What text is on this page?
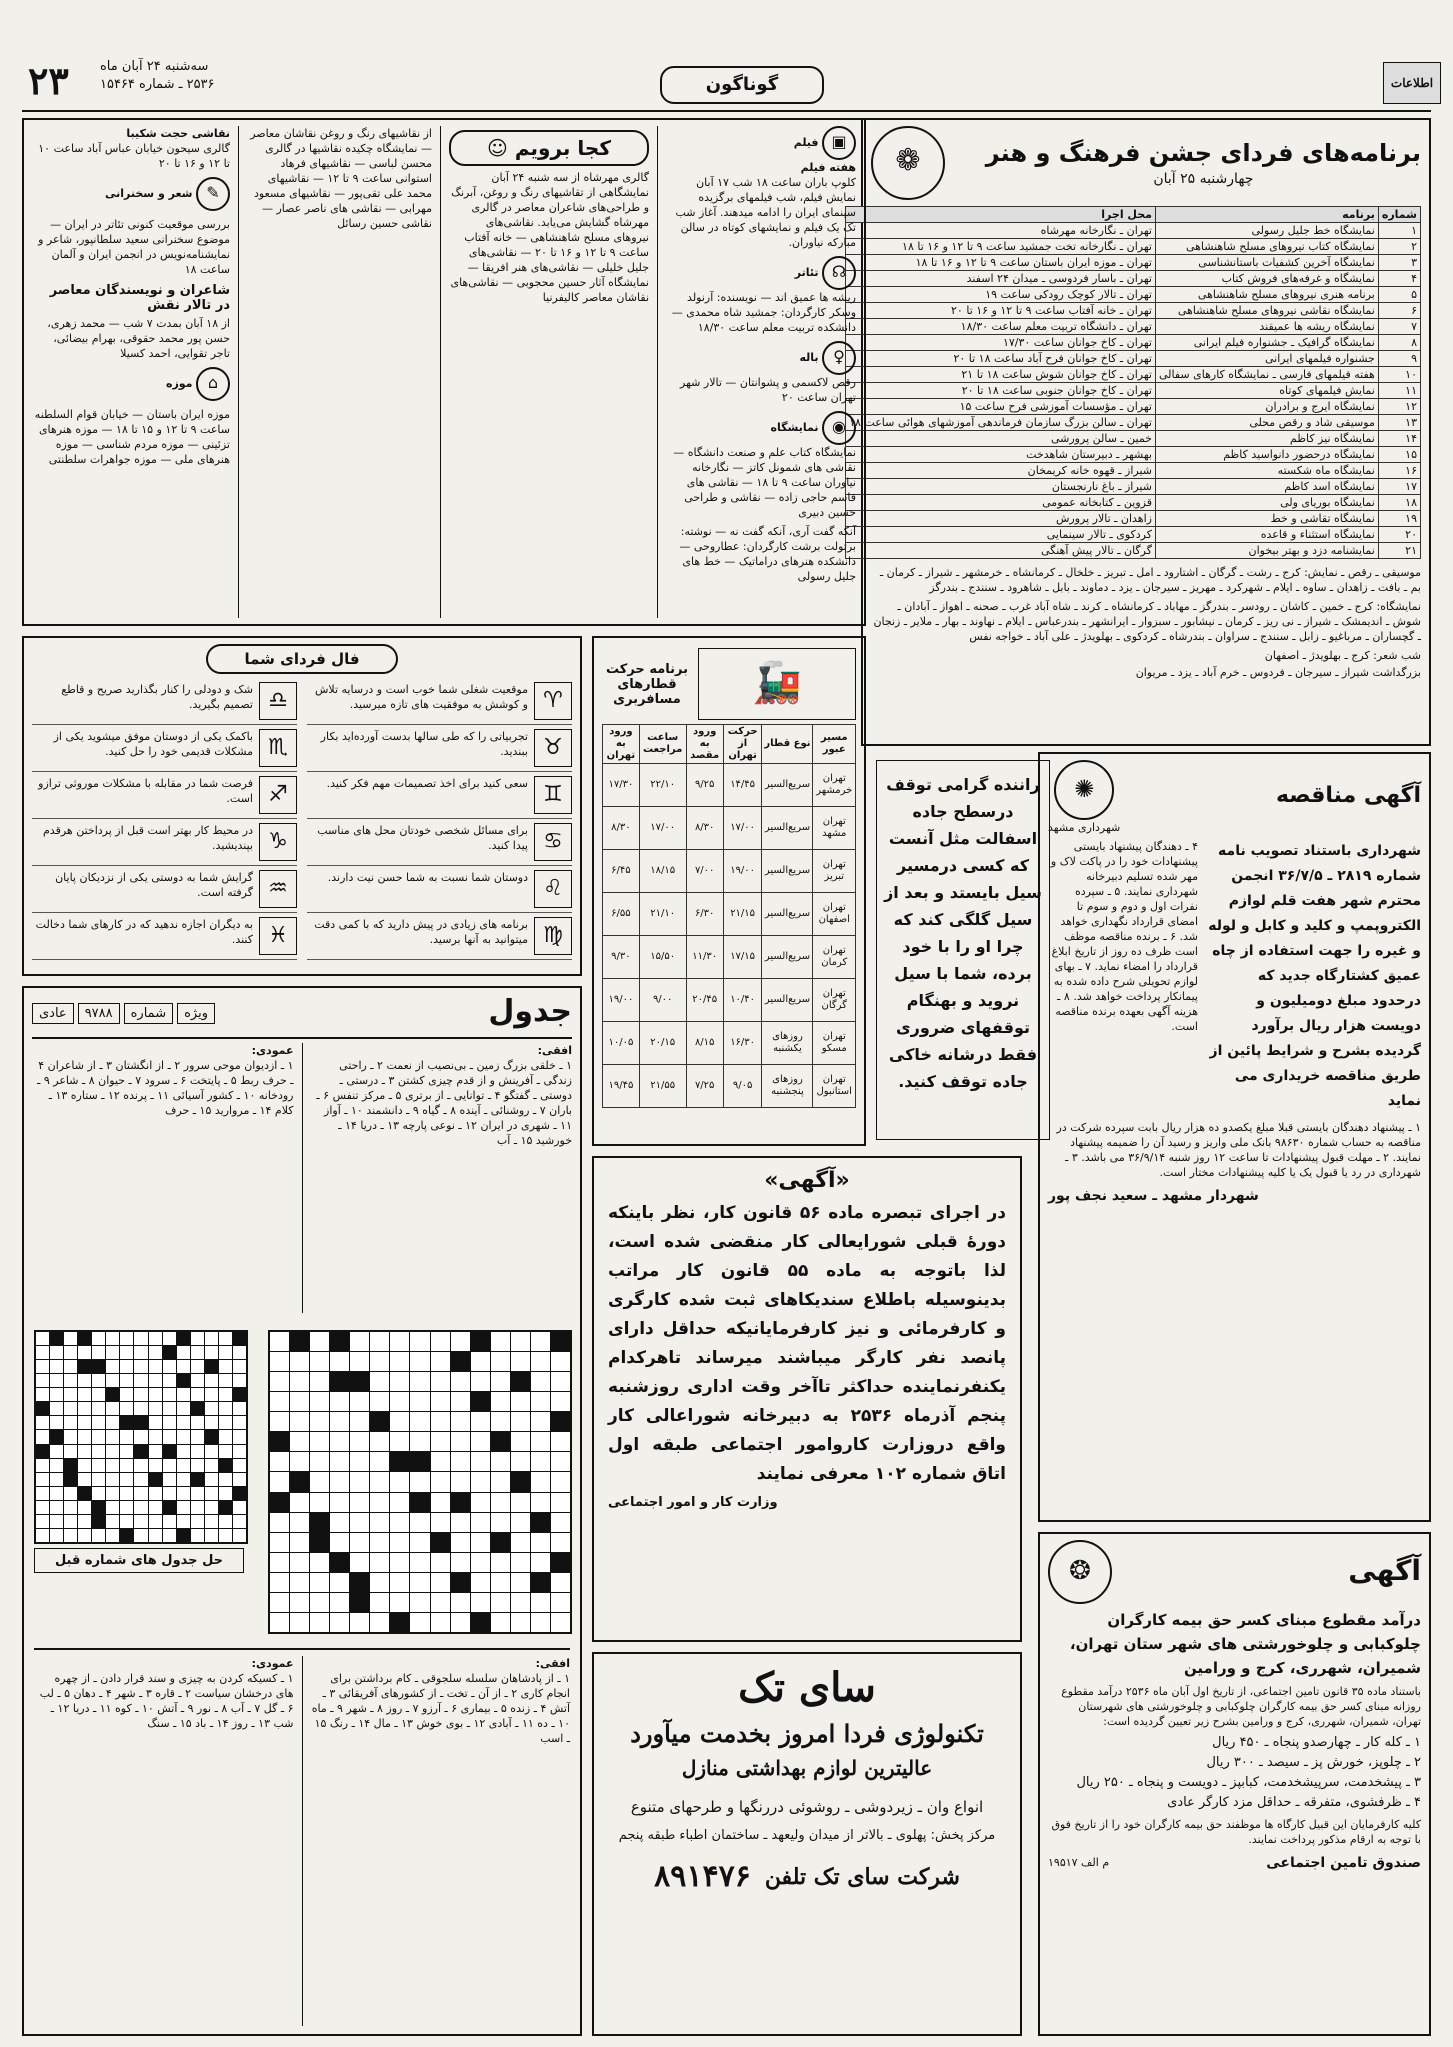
۲۳ سه‌شنبه ۲۴ آبان ماه
۲۵۳۶ ـ شماره ۱۵۴۶۴	گوناگون	اطلاعات
برنامه‌های فردای جشن فرهنگ و هنر
چهارشنبه ۲۵ آبان
❁
شماره	برنامه	محل اجرا
۱	نمایشگاه خط جلیل رسولی	تهران ـ نگارخانه مهرشاه
۲	نمایشگاه کتاب نیروهای مسلح شاهنشاهی	تهران ـ نگارخانه تخت جمشید ساعت ۹ تا ۱۲ و ۱۶ تا ۱۸
۳	نمایشگاه آخرین کشفیات باستانشناسی	تهران ـ موزه ایران باستان ساعت ۹ تا ۱۲ و ۱۶ تا ۱۸
۴	نمایشگاه و غرفه‌های فروش کتاب	تهران ـ باسار فردوسی ـ میدان ۲۴ اسفند
۵	برنامه هنری نیروهای مسلح شاهنشاهی	تهران ـ تالار کوچک رودکی ساعت ۱۹
۶	نمایشگاه نقاشی نیروهای مسلح شاهنشاهی	تهران ـ خانه آفتاب ساعت ۹ تا ۱۲ و ۱۶ تا ۲۰
۷	نمایشگاه ریشه ها عمیقند	تهران ـ دانشگاه تربیت معلم ساعت ۱۸/۳۰
۸	نمایشگاه گرافیک ـ جشنواره فیلم ایرانی	تهران ـ کاخ جوانان ساعت ۱۷/۳۰
۹	جشنواره فیلمهای ایرانی	تهران ـ کاخ جوانان فرح آباد ساعت ۱۸ تا ۲۰
۱۰	هفته فیلمهای فارسی ـ نمایشگاه کارهای سفالی	تهران ـ کاخ جوانان شوش ساعت ۱۸ تا ۲۱
۱۱	نمایش فیلمهای کوتاه	تهران ـ کاخ جوانان جنوبی ساعت ۱۸ تا ۲۰
۱۲	نمایشگاه ایرج و برادران	تهران ـ مؤسسات آموزشی فرح ساعت ۱۵
۱۳	موسیقی شاد و رقص محلی	تهران ـ سالن بزرگ سازمان فرماندهی آموزشهای هوائی ساعت ۱۸
۱۴	نمایشگاه نیز کاظم	خمین ـ سالن پرورشی
۱۵	نمایشگاه درحضور دانواسید کاظم	بهشهر ـ دبیرستان شاهدخت
۱۶	نمایشگاه ماه شکسته	شیراز ـ قهوه خانه کریمخان
۱۷	نمایشگاه اسد کاظم	شیراز ـ باغ نارنجستان
۱۸	نمایشگاه بوریای ولی	قزوین ـ کتابخانه عمومی
۱۹	نمایشگاه تقاشی و خط	زاهدان ـ تالار پرورش
۲۰	نمایشگاه استثناء و قاعده	کردکوی ـ تالار سینمایی
۲۱	نمایشنامه دزد و بهتر بیخوان	گرگان ـ تالار پیش آهنگی
موسیقی ـ رقص ـ نمایش: کرج ـ رشت ـ گرگان ـ اشتارود ـ امل ـ تبریز ـ خلخال ـ کرمانشاه ـ خرمشهر ـ شیراز ـ کرمان ـ بم ـ بافت ـ زاهدان ـ ساوه ـ ایلام ـ شهرکرد ـ مهریز ـ سیرجان ـ یزد ـ دماوند ـ بابل ـ شاهرود ـ سنندج ـ بندرگز
نمایشگاه: کرج ـ خمین ـ کاشان ـ رودسر ـ بندرگز ـ مهاباد ـ کرمانشاه ـ کرند ـ شاه آباد غرب ـ صحنه ـ اهواز ـ آبادان ـ شوش ـ اندیمشک ـ شیراز ـ نی ریز ـ کرمان ـ نیشابور ـ سبزوار ـ ایرانشهر ـ بندرعباس ـ ایلام ـ نهاوند ـ بهار ـ ملایر ـ زنجان ـ گچساران ـ مرباغیو ـ زابل ـ سنندج ـ سراوان ـ بندرشاه ـ کردکوی ـ بهلویدژ ـ علی آباد ـ خواجه نفس
شب شعر: کرج ـ بهلویدژ ـ اصفهان
بزرگداشت شیراز ـ سیرجان ـ فردوس ـ خرم آباد ـ یزد ـ مریوان
▣ فیلم
هفته فیلم
کلوپ باران ساعت ۱۸ شب ۱۷ آبان نمایش فیلم، شب فیلمهای برگزیده سینمای ایران را ادامه میدهند. آغاز شب تک یک فیلم و نمایشهای کوتاه در سالن مبارکه نیاوران.
☊ تئاتر
ریشه ها عمیق اند — نویسنده: آرنولد وسکر کارگردان: جمشید شاه محمدی — دانشکده تربیت معلم ساعت ۱۸/۳۰
♀ باله
رقص لاکسمی و پشوانتان — تالار شهر تهران ساعت ۲۰
◉ نمایشگاه
نمایشگاه کتاب علم و صنعت دانشگاه — نقاشی های شمونل کاتز — نگارخانه نیاوران ساعت ۹ تا ۱۸ — نقاشی های قاسم حاجی زاده — نقاشی و طراحی حسین دبیری
آنکه گفت آری، آنکه گفت نه — نوشته: برتولت برشت کارگردان: عطاروحی — دانشکده هنرهای دراماتیک — خط های جلیل رسولی
کجا برویم ☺
گالری مهرشاه از سه شنبه ۲۴ آبان نمایشگاهی از تقاشیهای رنگ و روغن، آبرنگ و طراحی‌های شاعران معاصر در گالری مهرشاه گشایش می‌یابد. نقاشی‌های نیروهای مسلح شاهنشاهی — خانه آفتاب ساعت ۹ تا ۱۲ و ۱۶ تا ۲۰ — نقاشی‌های جلیل خلیلی — نقاشی‌های هنر افریقا — نمایشگاه آثار حسین محجوبی — نقاشی‌های نقاشان معاصر کالیفرنیا
از نقاشیهای رنگ و روغن نقاشان معاصر — نمایشگاه چکیده نقاشیها در گالری محسن لباسی — نقاشیهای فرهاد استوانی ساعت ۹ تا ۱۲ — نقاشیهای محمد علی تقی‌پور — نقاشیهای مسعود مهرابی — نقاشی های ناصر عصار — نقاشی حسین رسائل
نقاشی حجت شکیبا
گالری سیحون خیابان عباس آباد ساعت ۱۰ تا ۱۲ و ۱۶ تا ۲۰
✎ شعر و سخنرانی
بررسی موقعیت کنونی تئاتر در ایران — موضوع سخنرانی سعید سلطانپور، شاعر و نمایشنامه‌نویس در انجمن ایران و آلمان ساعت ۱۸
شاعران و نویسندگان معاصر در تالار نقش
از ۱۸ آبان بمدت ۷ شب — محمد زهری، حسن پور محمد حقوقی، بهرام بیضائی، تاجر تقوایی، احمد کسیلا
⌂ موزه
موزه ایران باستان — خیابان قوام السلطنه ساعت ۹ تا ۱۲ و ۱۵ تا ۱۸ — موزه هنرهای تزئینی — موزه مردم شناسی — موزه هنرهای ملی — موزه جواهرات سلطنتی
فال فردای شما
♈
موقعیت شغلی شما خوب است و درسایه تلاش و کوشش به موفقیت های تازه میرسید.
♎
شک و دودلی را کنار بگذارید صریح و قاطع تصمیم بگیرید.
♉
تجربیاتی را که طی سالها بدست آورده‌اید بکار ببندید.
♏
باکمک یکی از دوستان موفق میشوید یکی از مشکلات قدیمی خود را حل کنید.
♊
سعی کنید برای اخذ تصمیمات مهم فکر کنید.
♐
فرصت شما در مقابله با مشکلات موروثی ترازو است.
♋
برای مسائل شخصی خودتان محل های مناسب پیدا کنید.
♑
در محیط کار بهتر است قبل از پرداختن هرقدم بپندیشید.
♌
دوستان شما نسبت به شما حسن نیت دارند.
♒
گرایش شما به دوستی یکی از نزدیکان پایان گرفته است.
♍
برنامه های زیادی در پیش دارید که با کمی دقت میتوانید به آنها برسید.
♓
به دیگران اجازه ندهید که در کارهای شما دخالت کنند.
🚂
برنامه حرکت قطارهای مسافربری
مسیر عبور	نوع قطار	حرکت از تهران	ورود به مقصد	ساعت مراجعت	ورود به تهران
تهران خرمشهر	سریع‌السیر	۱۴/۴۵	۹/۲۵	۲۲/۱۰	۱۷/۳۰
تهران مشهد	سریع‌السیر	۱۷/۰۰	۸/۳۰	۱۷/۰۰	۸/۳۰
تهران تبریز	سریع‌السیر	۱۹/۰۰	۷/۰۰	۱۸/۱۵	۶/۴۵
تهران اصفهان	سریع‌السیر	۲۱/۱۵	۶/۳۰	۲۱/۱۰	۶/۵۵
تهران کرمان	سریع‌السیر	۱۷/۱۵	۱۱/۳۰	۱۵/۵۰	۹/۳۰
تهران گرگان	سریع‌السیر	۱۰/۴۰	۲۰/۴۵	۹/۰۰	۱۹/۰۰
تهران مسکو	روزهای یکشنبه	۱۶/۳۰	۸/۱۵	۲۰/۱۵	۱۰/۰۵
تهران استانبول	روزهای پنجشنبه	۹/۰۵	۷/۲۵	۲۱/۵۵	۱۹/۴۵
راننده گرامی توقف درسطح جاده اسفالت مثل آنست که کسی درمسیر سیل بایستد و بعد از سیل گلگی کند که چرا او را با خود برده، شما با سیل نروید و بهنگام توقفهای ضروری فقط درشانه خاکی جاده توقف کنید.
آگهی مناقصه
✺
شهرداری مشهد
شهرداری باستناد تصویب نامه شماره ۲۸۱۹ ـ ۳۶/۷/۵ انجمن محترم شهر هفت قلم لوازم الکتروپمپ و کلید و کابل و لوله و غیره را جهت استفاده از چاه عمیق کشتارگاه جدید که درحدود مبلغ دومیلیون و دویست هزار ریال برآورد گردیده بشرح و شرایط پائین از طریق مناقصه خریداری می نماید
۴ ـ دهندگان پیشنهاد بایستی پیشنهادات خود را در پاکت لاک و مهر شده تسلیم دبیرخانه شهرداری نمایند. ۵ ـ سپرده نفرات اول و دوم و سوم تا امضای قرارداد نگهداری خواهد شد. ۶ ـ برنده مناقصه موظف است ظرف ده روز از تاریخ ابلاغ قرارداد را امضاء نماید. ۷ ـ بهای لوازم تحویلی شرح داده شده به پیمانکار پرداخت خواهد شد. ۸ ـ هزینه آگهی بعهده برنده مناقصه است.
۱ ـ پیشنهاد دهندگان بایستی قبلا مبلغ یکصدو ده هزار ریال بابت سپرده شرکت در مناقصه به حساب شماره ۹۸۶۳۰ بانک ملی واریز و رسید آن را ضمیمه پیشنهاد نمایند. ۲ ـ مهلت قبول پیشنهادات تا ساعت ۱۲ روز شنبه ۳۶/۹/۱۴ می باشد. ۳ ـ شهرداری در رد یا قبول یک یا کلیه پیشنهادات مختار است.
شهردار مشهد ـ سعید نجف پور
جدول
ویژه
شماره
۹۷۸۸
عادی
افقی:
۱ ـ خلقی بزرگ زمین ـ بی‌نصیب از نعمت ۲ ـ راحتی زندگی ـ آفرینش و از قدم چیزی کشتن ۳ ـ درستی ـ دوستی ـ گفتگو ۴ ـ توانایی ـ از برتری ۵ ـ مرکز تنفس ۶ ـ باران ۷ ـ روشنائی ـ آینده ۸ ـ گیاه ۹ ـ دانشمند ۱۰ ـ آواز ۱۱ ـ شهری در ایران ۱۲ ـ نوعی پارچه ۱۳ ـ دریا ۱۴ ـ خورشید ۱۵ ـ آب
عمودی:
۱ ـ ازدیوان موحی سرور ۲ ـ از انگشتان ۳ ـ از شاعران ۴ ـ حرف ربط ۵ ـ پایتخت ۶ ـ سرود ۷ ـ حیوان ۸ ـ شاعر ۹ ـ رودخانه ۱۰ ـ کشور آسیائی ۱۱ ـ پرنده ۱۲ ـ ستاره ۱۳ ـ کلام ۱۴ ـ مروارید ۱۵ ـ حرف
حل جدول های شماره قبل
افقی:
۱ ـ از پادشاهان سلسله سلجوقی ـ کام برداشتن برای انجام کاری ۲ ـ از آن ـ تخت ـ از کشورهای آفریقائی ۳ ـ آتش ۴ ـ زنده ۵ ـ بیماری ۶ ـ آرزو ۷ ـ روز ۸ ـ شهر ۹ ـ ماه ۱۰ ـ ده ۱۱ ـ آبادی ۱۲ ـ بوی خوش ۱۳ ـ مال ۱۴ ـ رنگ ۱۵ ـ اسب
عمودی:
۱ ـ کسیکه کردن به چیزی و سند قرار دادن ـ از چهره های درخشان سیاست ۲ ـ قاره ۳ ـ شهر ۴ ـ دهان ۵ ـ لب ۶ ـ گل ۷ ـ آب ۸ ـ نور ۹ ـ آتش ۱۰ ـ کوه ۱۱ ـ دریا ۱۲ ـ شب ۱۳ ـ روز ۱۴ ـ باد ۱۵ ـ سنگ
«آگهی»
در اجرای تبصره ماده ۵۶ قانون کار، نظر باینکه دورهٔ قبلی شورایعالی کار منقضی شده است، لذا باتوجه به ماده ۵۵ قانون کار مراتب بدینوسیله باطلاع سندیکاهای ثبت شده کارگری و کارفرمائی و نیز کارفرمایانیکه حداقل دارای پانصد نفر کارگر میباشند میرساند تاهرکدام یکنفرنماینده حداکثر تاآخر وقت اداری روزشنبه پنجم آذرماه ۲۵۳۶ به دبیرخانه شوراعالی کار واقع دروزارت کاروامور اجتماعی طبقه اول اتاق شماره ۱۰۲ معرفی نمایند
وزارت کار و امور اجتماعی
سای تک
تکنولوژی فردا امروز بخدمت میآورد
عالیترین لوازم بهداشتی منازل
انواع وان ـ زیردوشی ـ روشوئی دررنگها و طرحهای متنوع
مرکز پخش: پهلوی ـ بالاتر از میدان ولیعهد ـ ساختمان اطباء طبقه پنجم
شرکت سای تک تلفن
۸۹۱۴۷۶
آگهی
❂
درآمد مقطوع مبنای کسر حق بیمه کارگران چلوکبابی و چلوخورشتی های شهر ستان تهران، شمیران، شهرری، کرج و ورامین
باستناد ماده ۳۵ قانون تامین اجتماعی، از تاریخ اول آبان ماه ۲۵۳۶ درآمد مقطوع روزانه مبنای کسر حق بیمه کارگران چلوکبابی و چلوخورشتی های شهرستان تهران، شمیران، شهرری، کرج و ورامین بشرح زیر تعیین گردیده است:
۱ ـ کله کار ـ چهارصدو پنجاه ـ ۴۵۰ ریال
۲ ـ چلوپز، خورش پز ـ سیصد ـ ۳۰۰ ریال
۳ ـ پیشخدمت، سرپیشخدمت، کبابپز ـ دویست و پنجاه ـ ۲۵۰ ریال
۴ ـ ظرفشوی، متفرقه ـ حداقل مزد کارگر عادی
کلیه کارفرمایان این قبیل کارگاه ها موظفند حق بیمه کارگران خود را از تاریخ فوق با توجه به ارقام مذکور پرداخت نمایند.
صندوق تامین اجتماعی
م الف ۱۹۵۱۷
